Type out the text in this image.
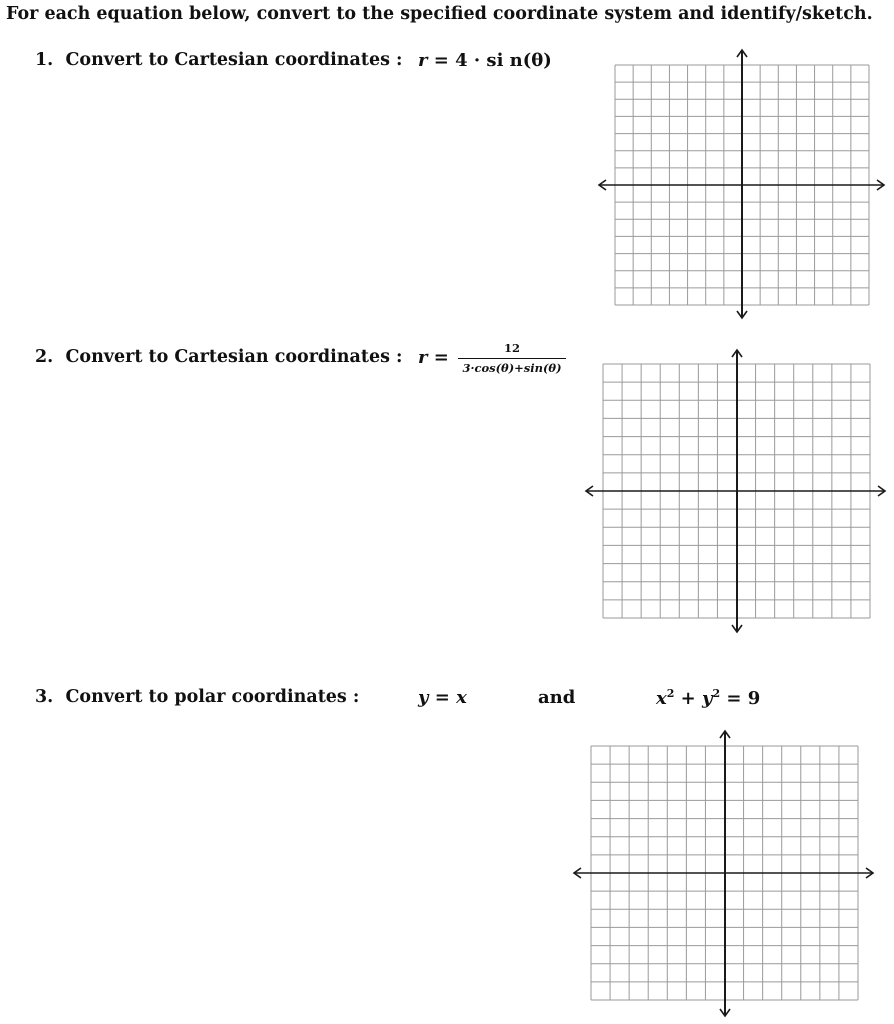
For each equation below, convert to the specified coordinate system and identify/sketch.
1. Convert to Cartesian coordinates : r = 4 · si n(θ)
2. Convert to Cartesian coordinates : $r = \frac{12}{3\cdot\cos(\theta)+\sin(\theta)}$
3. Convert to polar coordinates :	y = x	and	$x^2 + y^2 = 9$
